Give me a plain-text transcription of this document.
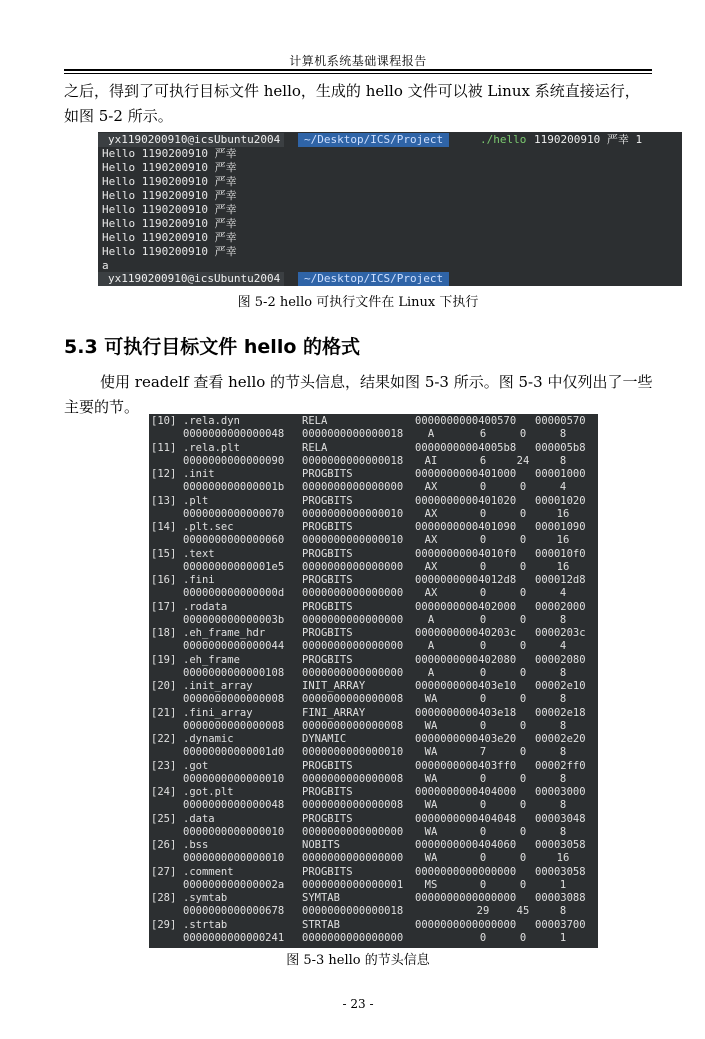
计算机系统基础课程报告
之后，得到了可执行目标文件 hello，生成的 hello 文件可以被 Linux 系统直接运行，如图 5-2 所示。
yx1190200910@icsUbuntu2004	~/Desktop/ICS/Project	./hello 1190200910 严幸 1
Hello 1190200910 严幸
Hello 1190200910 严幸
Hello 1190200910 严幸
Hello 1190200910 严幸
Hello 1190200910 严幸
Hello 1190200910 严幸
Hello 1190200910 严幸
Hello 1190200910 严幸
a
yx1190200910@icsUbuntu2004	~/Desktop/ICS/Project
图 5-2 hello 可执行文件在 Linux 下执行
5.3 可执行目标文件 hello 的格式
使用 readelf 查看 hello 的节头信息，结果如图 5-3 所示。图 5-3 中仅列出了一些主要的节。
[10] .rela.dyn	RELA	0000000000400570 00000570
0000000000000048 0000000000000018	A	6	0	8
[11] .rela.plt	RELA	00000000004005b8 000005b8
0000000000000090 0000000000000018	AI	6	24	8
[12] .init	PROGBITS	0000000000401000 00001000
000000000000001b 0000000000000000	AX	0	0	4
[13] .plt	PROGBITS	0000000000401020 00001020
0000000000000070 0000000000000010	AX	0	0	16
[14] .plt.sec	PROGBITS	0000000000401090 00001090
0000000000000060 0000000000000010	AX	0	0	16
[15] .text	PROGBITS	00000000004010f0 000010f0
00000000000001e5 0000000000000000	AX	0	0	16
[16] .fini	PROGBITS	00000000004012d8 000012d8
000000000000000d 0000000000000000	AX	0	0	4
[17] .rodata	PROGBITS	0000000000402000 00002000
000000000000003b 0000000000000000	A	0	0	8
[18] .eh_frame_hdr	PROGBITS	000000000040203c 0000203c
0000000000000044 0000000000000000	A	0	0	4
[19] .eh_frame	PROGBITS	0000000000402080 00002080
0000000000000108 0000000000000000	A	0	0	8
[20] .init_array	INIT_ARRAY	0000000000403e10 00002e10
0000000000000008 0000000000000008	WA	0	0	8
[21] .fini_array	FINI_ARRAY	0000000000403e18 00002e18
0000000000000008 0000000000000008	WA	0	0	8
[22] .dynamic	DYNAMIC	0000000000403e20 00002e20
00000000000001d0 0000000000000010	WA	7	0	8
[23] .got	PROGBITS	0000000000403ff0 00002ff0
0000000000000010 0000000000000008	WA	0	0	8
[24] .got.plt	PROGBITS	0000000000404000 00003000
0000000000000048 0000000000000008	WA	0	0	8
[25] .data	PROGBITS	0000000000404048 00003048
0000000000000010 0000000000000000	WA	0	0	8
[26] .bss	NOBITS	0000000000404060 00003058
0000000000000010 0000000000000000	WA	0	0	16
[27] .comment	PROGBITS	0000000000000000 00003058
000000000000002a 0000000000000001	MS	0	0	1
[28] .symtab	SYMTAB	0000000000000000 00003088
0000000000000678 0000000000000018	29	45	8
[29] .strtab	STRTAB	0000000000000000 00003700
0000000000000241 0000000000000000	0	0	1
图 5-3 hello 的节头信息
- 23 -
